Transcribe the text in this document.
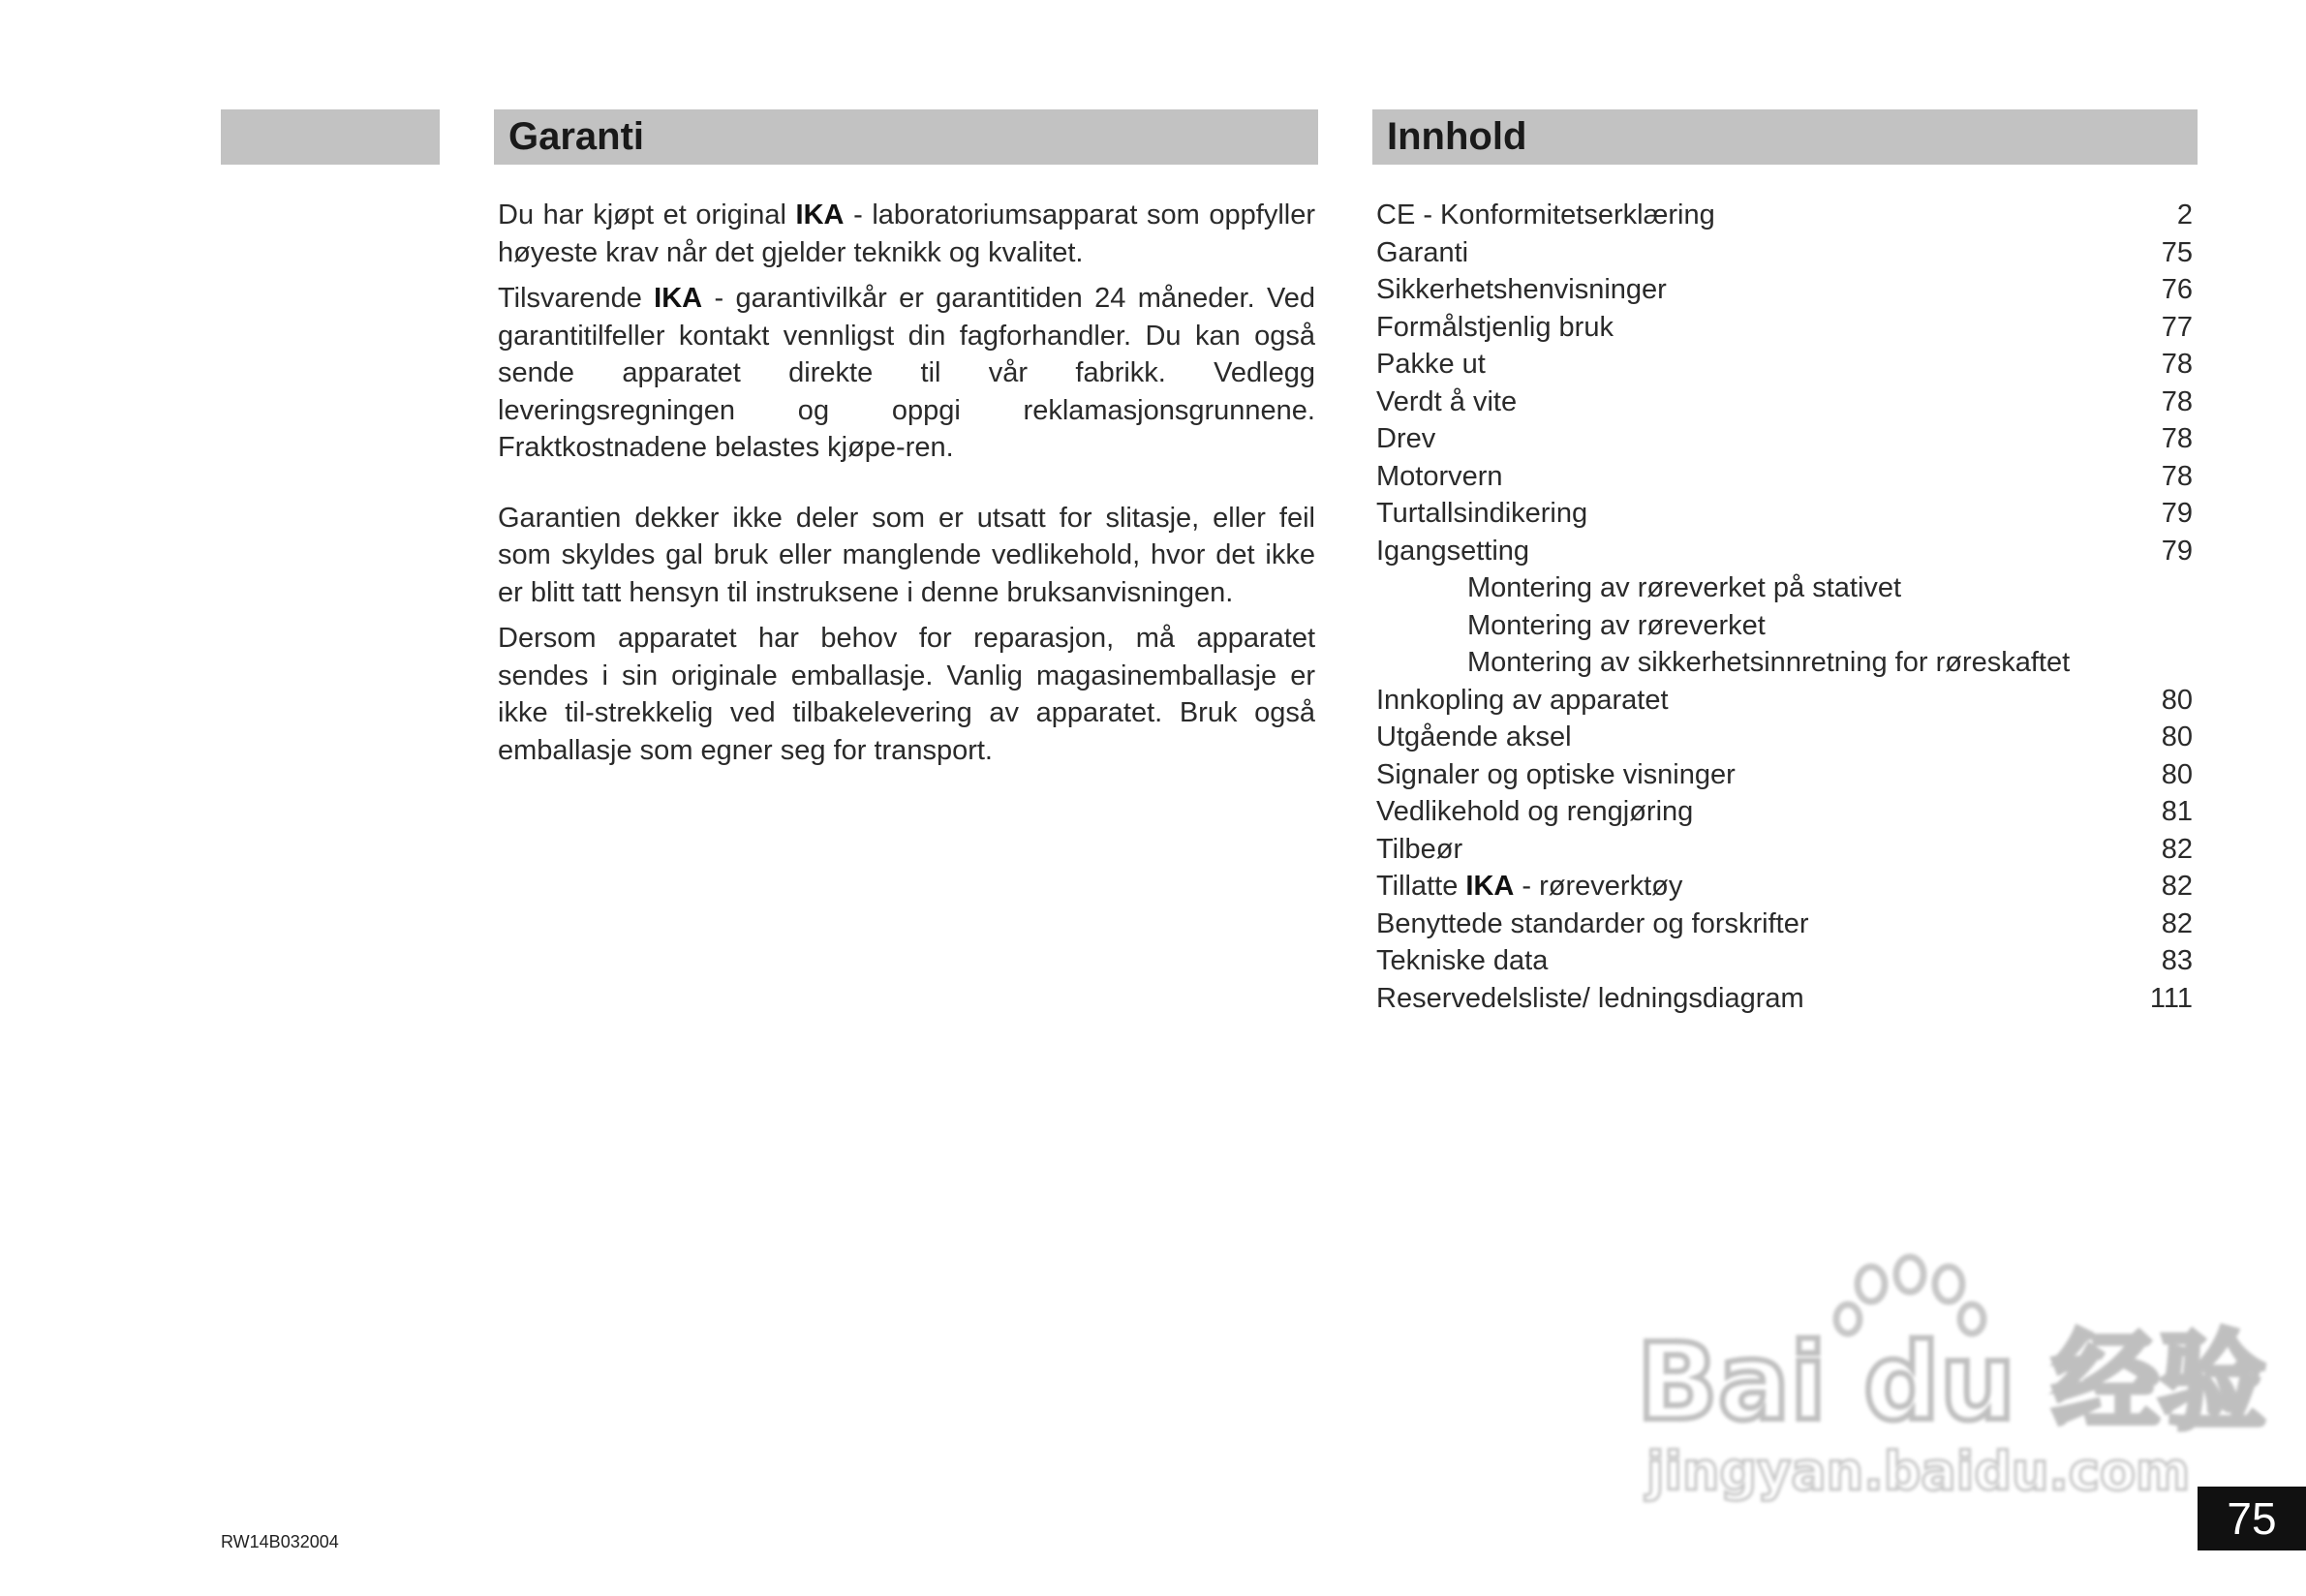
Garanti	Innhold

Du har kjøpt et original IKA - laboratoriumsapparat som oppfyller høyeste krav når det gjelder teknikk og kvalitet.

Tilsvarende IKA - garantivilkår er garantitiden 24 måneder. Ved garantitilfeller kontakt vennligst din fagforhandler. Du kan også sende apparatet direkte til vår fabrikk. Vedlegg leveringsregningen og oppgi reklamasjonsgrunnene. Fraktkostnadene belastes kjøpe-ren.

Garantien dekker ikke deler som er utsatt for slitasje, eller feil som skyldes gal bruk eller manglende vedlikehold, hvor det ikke er blitt tatt hensyn til instruksene i denne bruksanvisningen.

Dersom apparatet har behov for reparasjon, må apparatet sendes i sin originale emballasje. Vanlig magasinemballasje er ikke til-strekkelig ved tilbakelevering av apparatet. Bruk også emballasje som egner seg for transport.

CE - Konformitetserklæring	2
Garanti	75
Sikkerhetshenvisninger	76
Formålstjenlig bruk	77
Pakke ut	78
Verdt å vite	78
Drev	78
Motorvern	78
Turtallsindikering	79
Igangsetting	79
Montering av røreverket på stativet
Montering av røreverket
Montering av sikkerhetsinnretning for røreskaftet
Innkopling av apparatet	80
Utgående aksel	80
Signaler og optiske visninger	80
Vedlikehold og rengjøring	81
Tilbeør	82
Tillatte IKA - røreverktøy	82
Benyttede standarder og forskrifter	82
Tekniske data	83
Reservedelsliste/ ledningsdiagram	111
Bai du 经验
jingyan.baidu.com
RW14B032004	75
